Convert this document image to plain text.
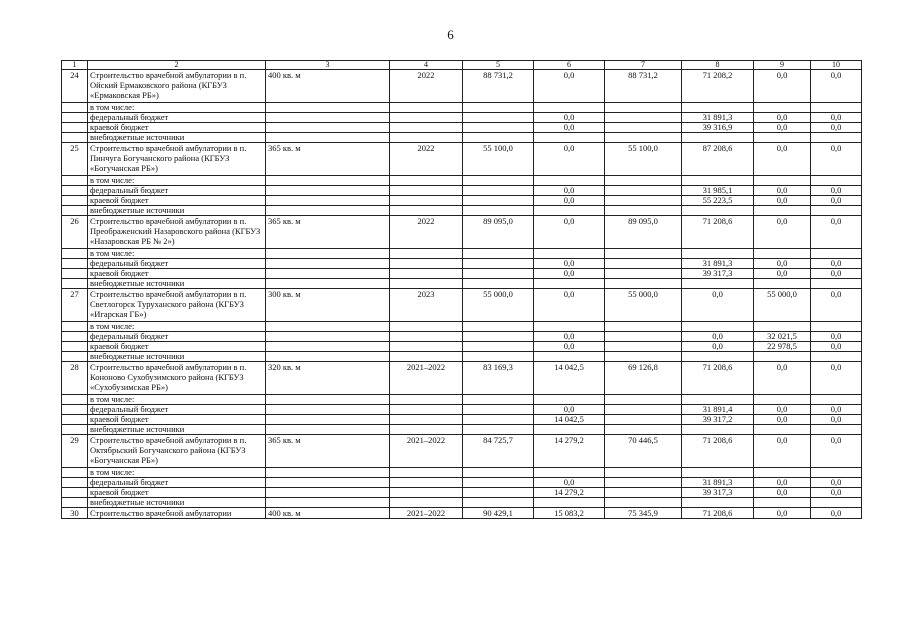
6
1	2	3	4	5	6	7	8	9	10
24	Строительство врачебной амбулатории в п. Ойский Ермаковского района (КГБУЗ «Ермаковская РБ»)	400 кв. м	2022	88 731,2	0,0	88 731,2	71 208,2	0,0	0,0
	в том числе:								
	федеральный бюджет				0,0		31 891,3	0,0	0,0
	краевой бюджет				0,0		39 316,9	0,0	0,0
	внебюджетные источники								
25	Строительство врачебной амбулатории в п. Пинчуга Богучанского района (КГБУЗ «Богучанская РБ»)	365 кв. м	2022	55 100,0	0,0	55 100,0	87 208,6	0,0	0,0
	в том числе:								
	федеральный бюджет				0,0		31 985,1	0,0	0,0
	краевой бюджет				0,0		55 223,5	0,0	0,0
	внебюджетные источники								
26	Строительство врачебной амбулатории в п. Преображенский Назаровского района (КГБУЗ «Назаровская РБ № 2»)	365 кв. м	2022	89 095,0	0,0	89 095,0	71 208,6	0,0	0,0
	в том числе:								
	федеральный бюджет				0,0		31 891,3	0,0	0,0
	краевой бюджет				0,0		39 317,3	0,0	0,0
	внебюджетные источники								
27	Строительство врачебной амбулатории в п. Светлогорск Туруханского района (КГБУЗ «Игарская ГБ»)	300 кв. м	2023	55 000,0	0,0	55 000,0	0,0	55 000,0	0,0
	в том числе:								
	федеральный бюджет				0,0		0,0	32 021,5	0,0
	краевой бюджет				0,0		0,0	22 978,5	0,0
	внебюджетные источники								
28	Строительство врачебной амбулатории в п. Кононово Сухобузимского района (КГБУЗ «Сухобузимская РБ»)	320 кв. м	2021–2022	83 169,3	14 042,5	69 126,8	71 208,6	0,0	0,0
	в том числе:								
	федеральный бюджет				0,0		31 891,4	0,0	0,0
	краевой бюджет				14 042,5		39 317,2	0,0	0,0
	внебюджетные источники								
29	Строительство врачебной амбулатории в п. Октябрьский Богучанского района (КГБУЗ «Богучанская РБ»)	365 кв. м	2021–2022	84 725,7	14 279,2	70 446,5	71 208,6	0,0	0,0
	в том числе:								
	федеральный бюджет				0,0		31 891,3	0,0	0,0
	краевой бюджет				14 279,2		39 317,3	0,0	0,0
	внебюджетные источники								
30	Строительство врачебной амбулатории	400 кв. м	2021–2022	90 429,1	15 083,2	75 345,9	71 208,6	0,0	0,0
